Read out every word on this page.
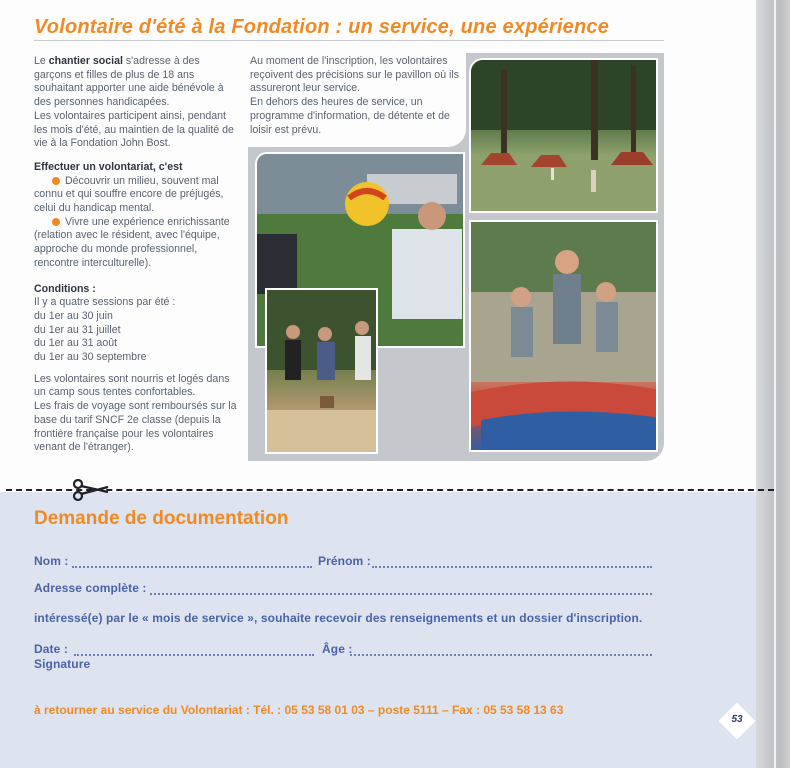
Volontaire d'été à la Fondation : un service, une expérience

Le chantier social s'adresse à des garçons et filles de plus de 18 ans souhaitant apporter une aide bénévole à des personnes handicapées.

Les volontaires participent ainsi, pendant les mois d'été, au maintien de la qualité de vie à la Fondation John Bost.

Effectuer un volontariat, c'est

Découvrir un milieu, souvent mal connu et qui souffre encore de préjugés, celui du handicap mental.

Vivre une expérience enrichissante (relation avec le résident, avec l'équipe, approche du monde professionnel, rencontre interculturelle).

Conditions :

Il y a quatre sessions par été :

du 1er au 30 juin

du 1er au 31 juillet

du 1er au 31 août

du 1er au 30 septembre

Les volontaires sont nourris et logés dans un camp sous tentes confortables.

Les frais de voyage sont remboursés sur la base du tarif SNCF 2e classe (depuis la frontière française pour les volontaires venant de l'étranger).

Au moment de l'inscription, les volontaires reçoivent des précisions sur le pavillon où ils assureront leur service.

En dehors des heures de service, un programme d'information, de détente et de loisir est prévu.

Demande de documentation
Nom :	Prénom :
Adresse complète :
intéressé(e) par le « mois de service », souhaite recevoir des renseignements et un dossier d'inscription.
Date :	Âge :
Signature
à retourner au service du Volontariat : Tél. : 05 53 58 01 03 – poste 5111 – Fax : 05 53 58 13 63
53
